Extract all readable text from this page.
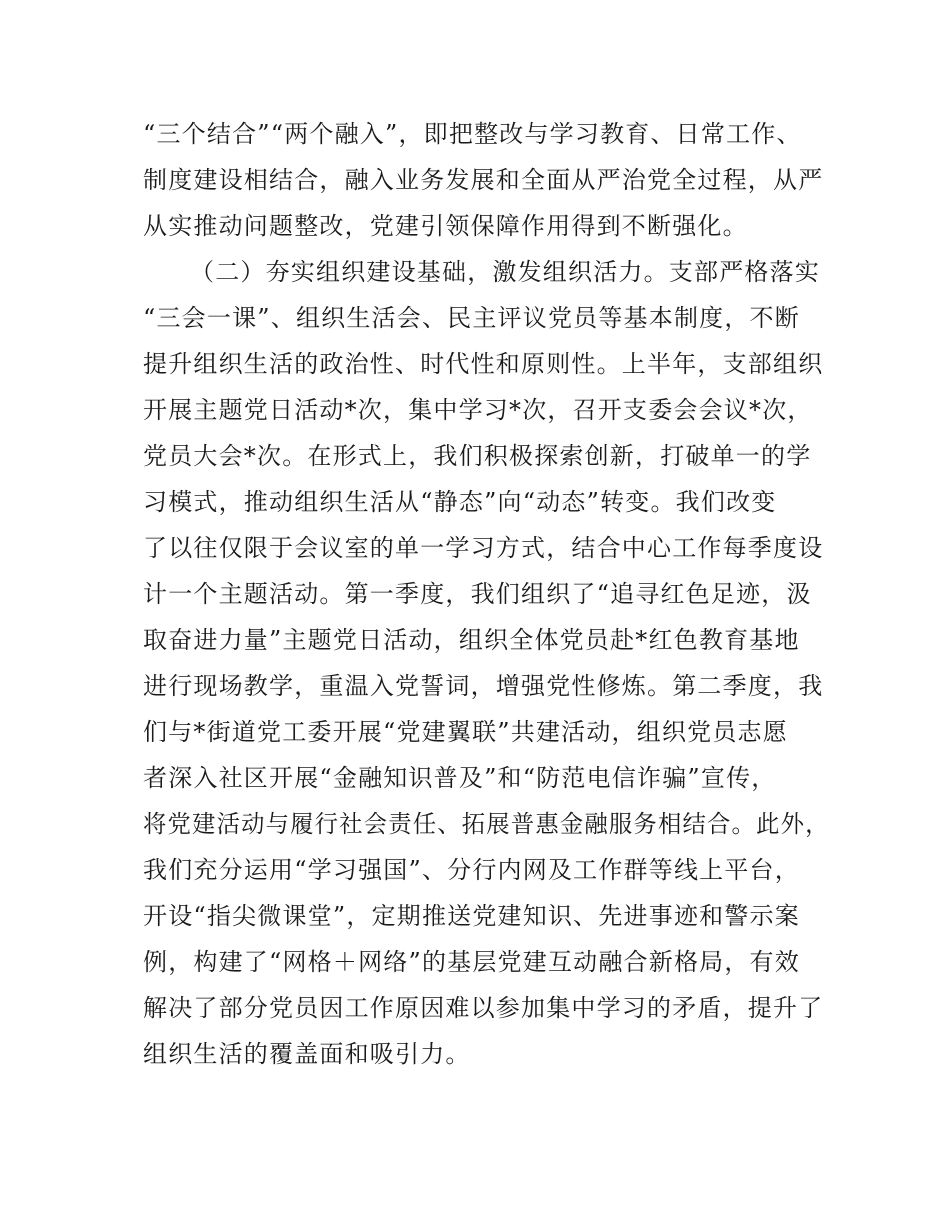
“三个结合”“两个融入”，即把整改与学习教育、日常工作、
制度建设相结合，融入业务发展和全面从严治党全过程，从严
从实推动问题整改，党建引领保障作用得到不断强化。
（二）夯实组织建设基础，激发组织活力。支部严格落实
“三会一课”、组织生活会、民主评议党员等基本制度，不断
提升组织生活的政治性、时代性和原则性。上半年，支部组织
开展主题党日活动*次，集中学习*次，召开支委会会议*次，
党员大会*次。在形式上，我们积极探索创新，打破单一的学
习模式，推动组织生活从“静态”向“动态”转变。我们改变
了以往仅限于会议室的单一学习方式，结合中心工作每季度设
计一个主题活动。第一季度，我们组织了“追寻红色足迹，汲
取奋进力量”主题党日活动，组织全体党员赴*红色教育基地
进行现场教学，重温入党誓词，增强党性修炼。第二季度，我
们与*街道党工委开展“党建翼联”共建活动，组织党员志愿
者深入社区开展“金融知识普及”和“防范电信诈骗”宣传，
将党建活动与履行社会责任、拓展普惠金融服务相结合。此外，
我们充分运用“学习强国”、分行内网及工作群等线上平台，
开设“指尖微课堂”，定期推送党建知识、先进事迹和警示案
例，构建了“网格＋网络”的基层党建互动融合新格局，有效
解决了部分党员因工作原因难以参加集中学习的矛盾，提升了
组织生活的覆盖面和吸引力。
